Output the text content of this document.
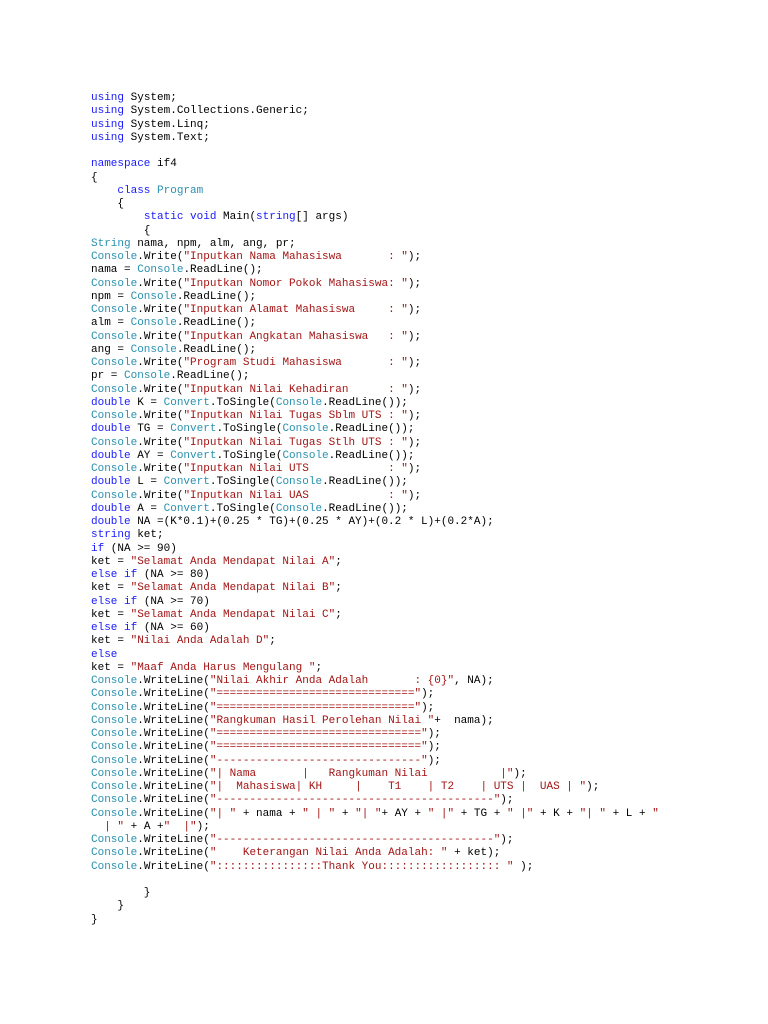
using System;
using System.Collections.Generic;
using System.Linq;
using System.Text;
namespace if4
{
class Program
{
static void Main(string[] args)
{
String nama, npm, alm, ang, pr;
Console.Write("Inputkan Nama Mahasiswa       : ");
nama = Console.ReadLine();
Console.Write("Inputkan Nomor Pokok Mahasiswa: ");
npm = Console.ReadLine();
Console.Write("Inputkan Alamat Mahasiswa     : ");
alm = Console.ReadLine();
Console.Write("Inputkan Angkatan Mahasiswa   : ");
ang = Console.ReadLine();
Console.Write("Program Studi Mahasiswa       : ");
pr = Console.ReadLine();
Console.Write("Inputkan Nilai Kehadiran      : ");
double K = Convert.ToSingle(Console.ReadLine());
Console.Write("Inputkan Nilai Tugas Sblm UTS : ");
double TG = Convert.ToSingle(Console.ReadLine());
Console.Write("Inputkan Nilai Tugas Stlh UTS : ");
double AY = Convert.ToSingle(Console.ReadLine());
Console.Write("Inputkan Nilai UTS            : ");
double L = Convert.ToSingle(Console.ReadLine());
Console.Write("Inputkan Nilai UAS            : ");
double A = Convert.ToSingle(Console.ReadLine());
double NA =(K*0.1)+(0.25 * TG)+(0.25 * AY)+(0.2 * L)+(0.2*A);
string ket;
if (NA >= 90)
ket = "Selamat Anda Mendapat Nilai A";
else if (NA >= 80)
ket = "Selamat Anda Mendapat Nilai B";
else if (NA >= 70)
ket = "Selamat Anda Mendapat Nilai C";
else if (NA >= 60)
ket = "Nilai Anda Adalah D";
else
ket = "Maaf Anda Harus Mengulang ";
Console.WriteLine("Nilai Akhir Anda Adalah       : {0}", NA);
Console.WriteLine("==============================");
Console.WriteLine("==============================");
Console.WriteLine("Rangkuman Hasil Perolehan Nilai "+  nama);
Console.WriteLine("===============================");
Console.WriteLine("===============================");
Console.WriteLine("-------------------------------");
Console.WriteLine("| Nama       |   Rangkuman Nilai           |");
Console.WriteLine("|  Mahasiswa| KH     |    T1    | T2    | UTS |  UAS | ");
Console.WriteLine("------------------------------------------");
Console.WriteLine("| " + nama + " | " + "| "+ AY + " |" + TG + " |" + K + "| " + L + "
| " + A +"  |");
Console.WriteLine("------------------------------------------");
Console.WriteLine("    Keterangan Nilai Anda Adalah: " + ket);
Console.WriteLine("::::::::::::::::Thank You:::::::::::::::::: " );
}
}
}
